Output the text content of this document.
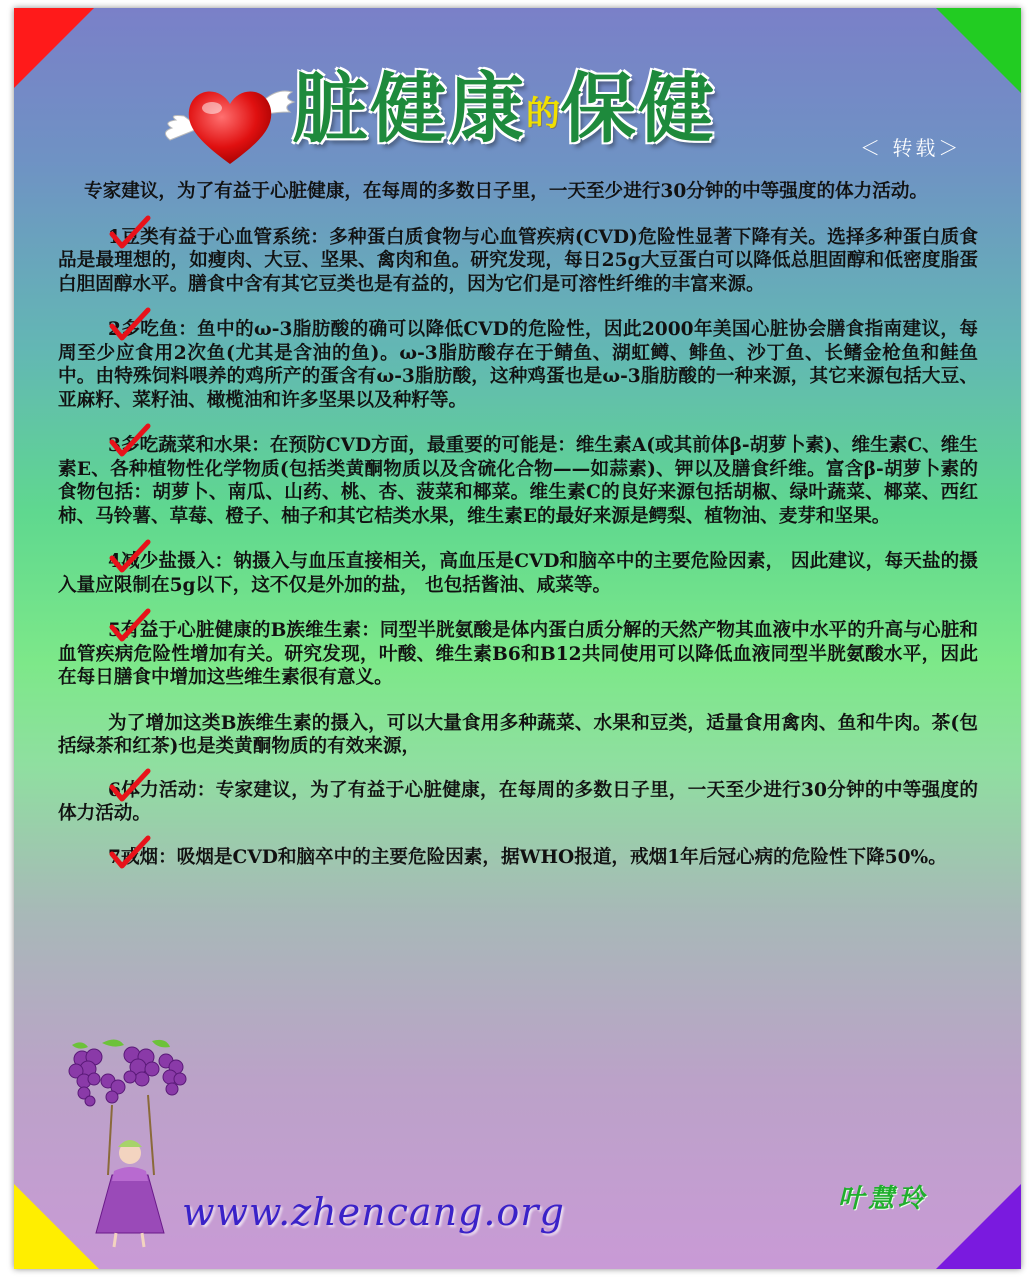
脏健康的保健	＜ 转载＞

专家建议，为了有益于心脏健康，在每周的多数日子里，一天至少进行30分钟的中等强度的体力活动。

1豆类有益于心血管系统：多种蛋白质食物与心血管疾病(CVD)危险性显著下降有关。选择多种蛋白质食品是最理想的，如瘦肉、大豆、坚果、禽肉和鱼。研究发现，每日25g大豆蛋白可以降低总胆固醇和低密度脂蛋白胆固醇水平。膳食中含有其它豆类也是有益的，因为它们是可溶性纤维的丰富来源。

2多吃鱼：鱼中的ω-3脂肪酸的确可以降低CVD的危险性，因此2000年美国心脏协会膳食指南建议，每周至少应食用2次鱼(尤其是含油的鱼)。ω-3脂肪酸存在于鲭鱼、湖虹鳟、鲱鱼、沙丁鱼、长鳍金枪鱼和鲑鱼中。由特殊饲料喂养的鸡所产的蛋含有ω-3脂肪酸，这种鸡蛋也是ω-3脂肪酸的一种来源，其它来源包括大豆、亚麻籽、菜籽油、橄榄油和许多坚果以及种籽等。

3多吃蔬菜和水果：在预防CVD方面，最重要的可能是：维生素A(或其前体β-胡萝卜素)、维生素C、维生素E、各种植物性化学物质(包括类黄酮物质以及含硫化合物——如蒜素)、钾以及膳食纤维。富含β-胡萝卜素的食物包括：胡萝卜、南瓜、山药、桃、杏、菠菜和椰菜。维生素C的良好来源包括胡椒、绿叶蔬菜、椰菜、西红柿、马铃薯、草莓、橙子、柚子和其它桔类水果，维生素E的最好来源是鳄梨、植物油、麦芽和坚果。

4减少盐摄入：钠摄入与血压直接相关，高血压是CVD和脑卒中的主要危险因素， 因此建议，每天盐的摄入量应限制在5g以下，这不仅是外加的盐， 也包括酱油、咸菜等。

5有益于心脏健康的B族维生素：同型半胱氨酸是体内蛋白质分解的天然产物其血液中水平的升高与心脏和血管疾病危险性增加有关。研究发现，叶酸、维生素B6和B12共同使用可以降低血液同型半胱氨酸水平，因此在每日膳食中增加这些维生素很有意义。

为了增加这类B族维生素的摄入，可以大量食用多种蔬菜、水果和豆类，适量食用禽肉、鱼和牛肉。茶(包括绿茶和红茶)也是类黄酮物质的有效来源，

6体力活动：专家建议，为了有益于心脏健康，在每周的多数日子里，一天至少进行30分钟的中等强度的体力活动。

7戒烟：吸烟是CVD和脑卒中的主要危险因素，据WHO报道，戒烟1年后冠心病的危险性下降50%。

www.zhencang.org	叶慧玲
